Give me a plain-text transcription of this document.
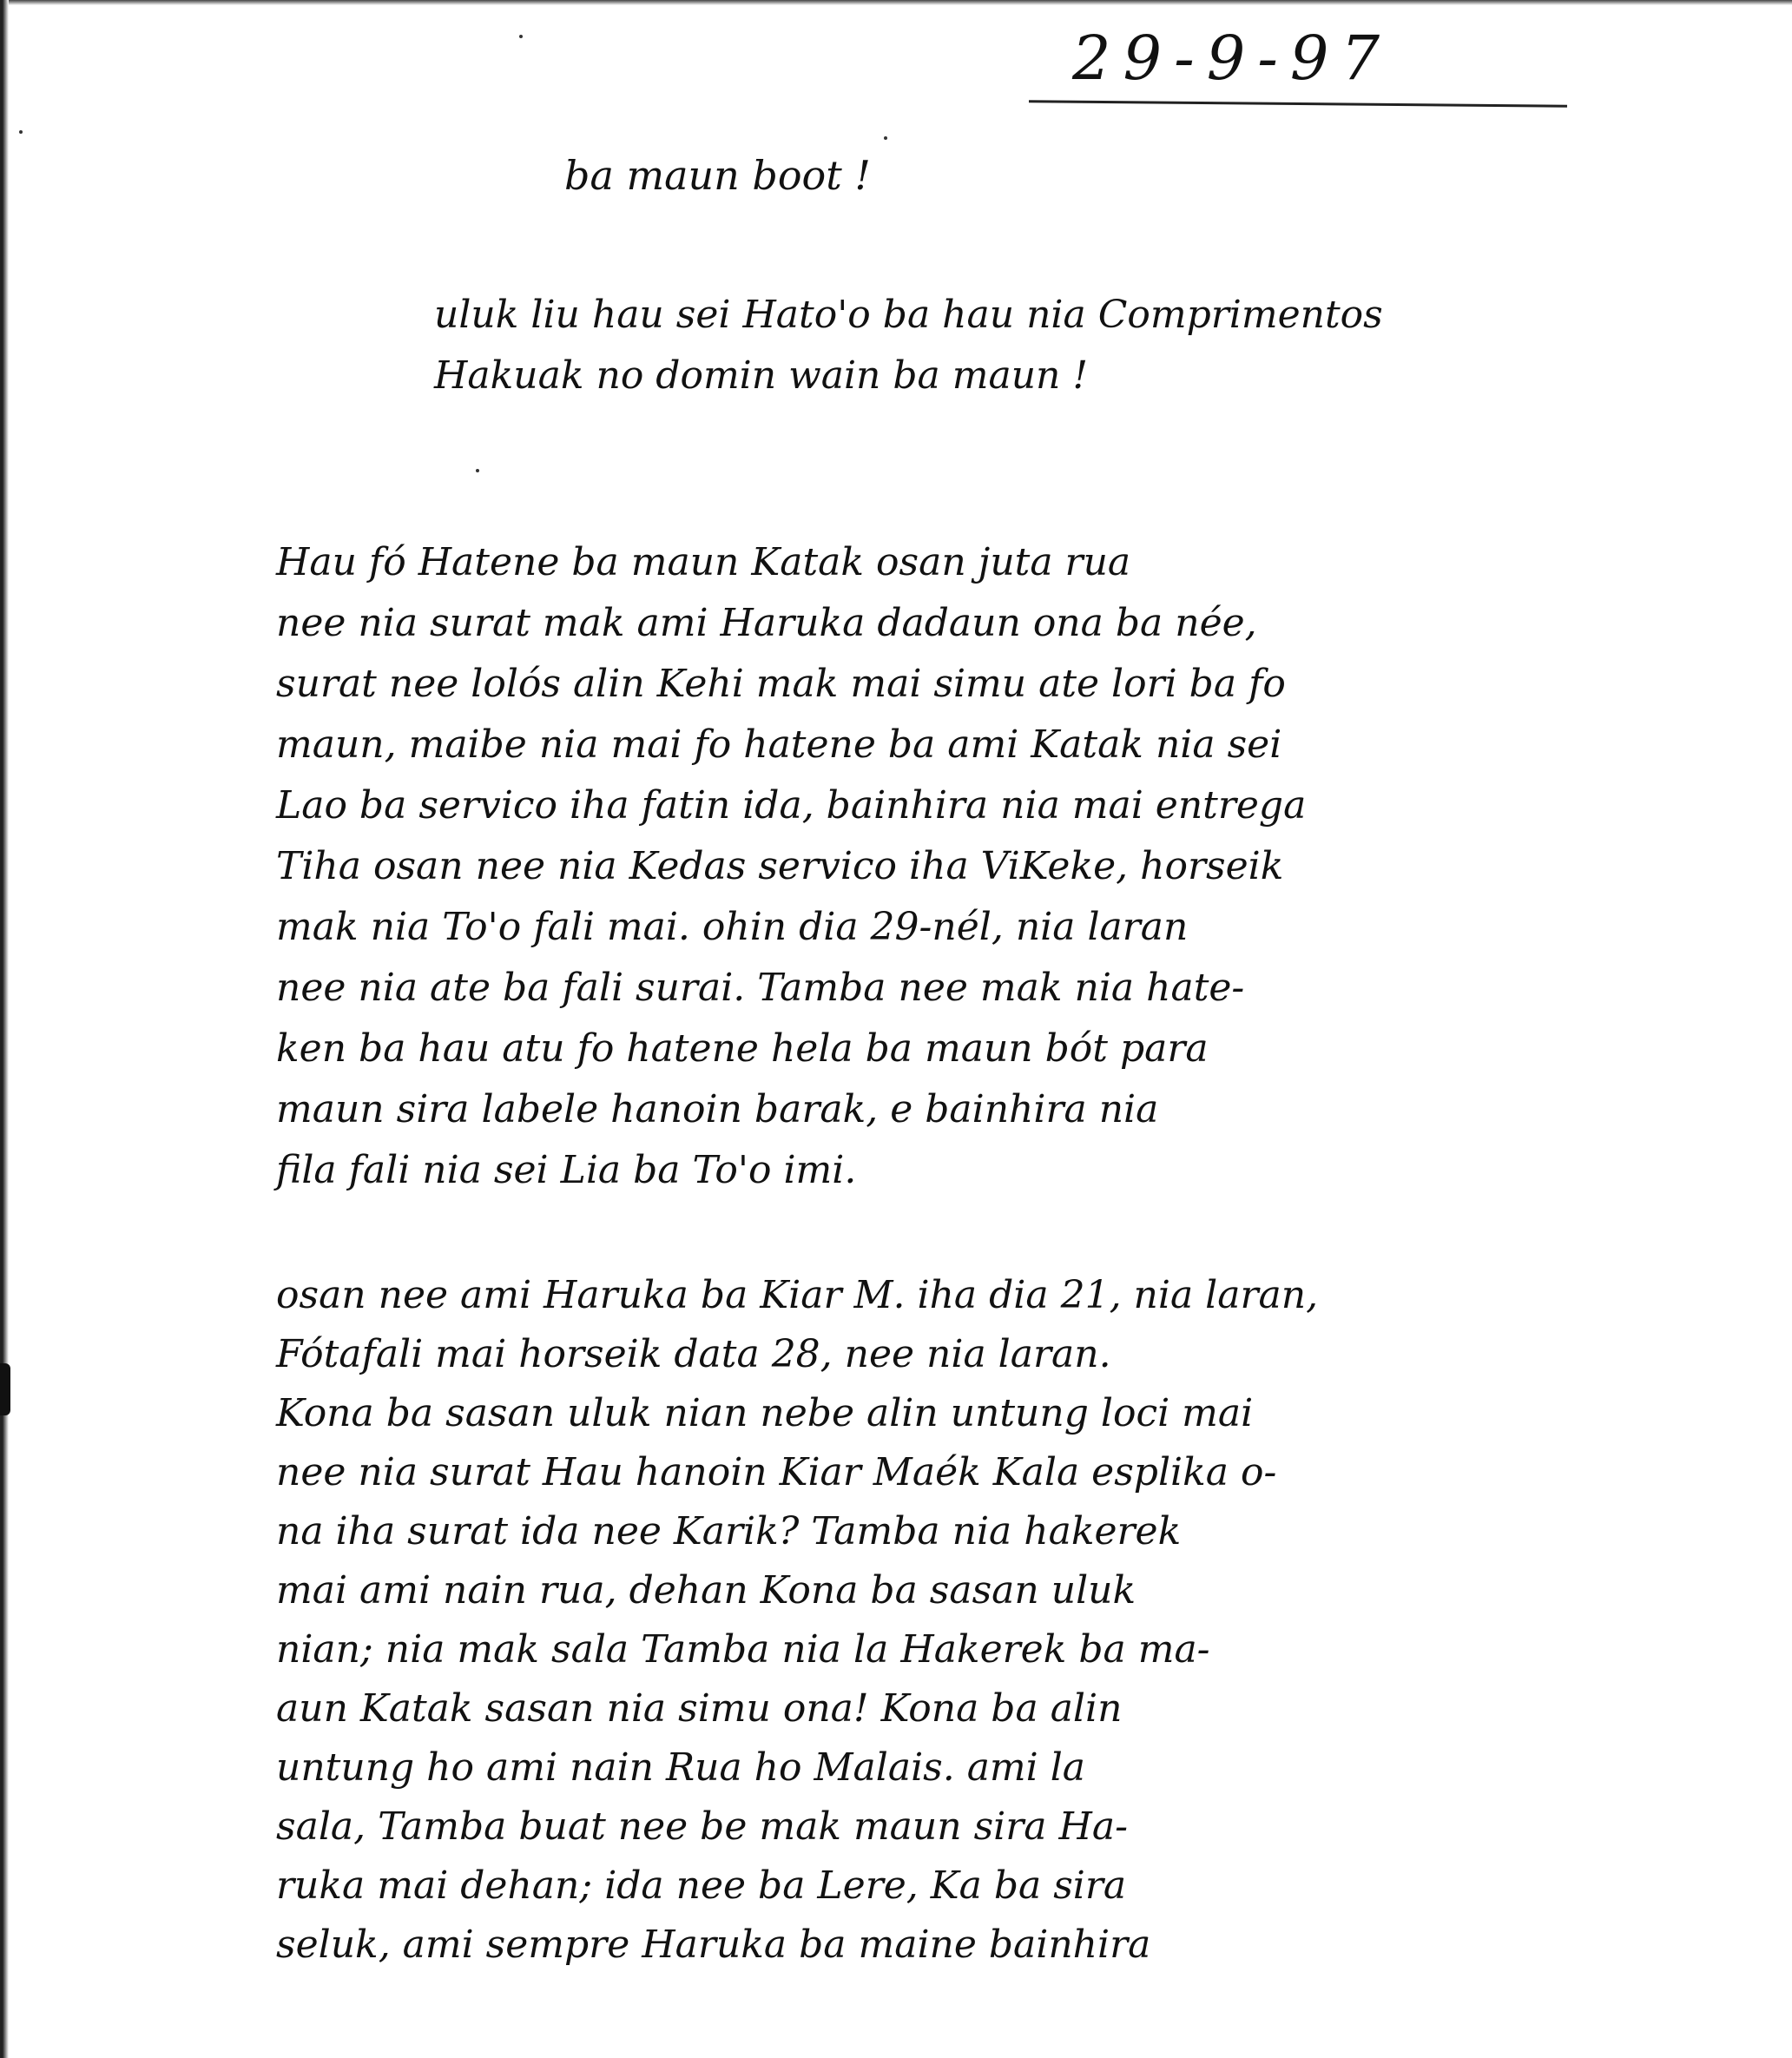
29-9-97
ba maun boot !
uluk liu hau sei Hato'o ba hau nia Comprimentos
Hakuak no domin wain ba maun !
Hau fó Hatene ba maun Katak osan juta rua
nee nia surat mak ami Haruka dadaun ona ba née,
surat nee lolós alin Kehi mak mai simu ate lori ba fo
maun, maibe nia mai fo hatene ba ami Katak nia sei
Lao ba servico iha fatin ida, bainhira nia mai entrega
Tiha osan nee nia Kedas servico iha ViKeke, horseik
mak nia To'o fali mai. ohin dia 29-nél, nia laran
nee nia ate ba fali surai. Tamba nee mak nia hate-
ken ba hau atu fo hatene hela ba maun bót para
maun sira labele hanoin barak, e bainhira nia
fila fali nia sei Lia ba To'o imi.
osan nee ami Haruka ba Kiar M. iha dia 21, nia laran,
Fótafali mai horseik data 28, nee nia laran.
Kona ba sasan uluk nian nebe alin untung loci mai
nee nia surat Hau hanoin Kiar Maék Kala esplika o-
na iha surat ida nee Karik? Tamba nia hakerek
mai ami nain rua, dehan Kona ba sasan uluk
nian; nia mak sala Tamba nia la Hakerek ba ma-
aun Katak sasan nia simu ona! Kona ba alin
untung ho ami nain Rua ho Malais. ami la
sala, Tamba buat nee be mak maun sira Ha-
ruka mai dehan; ida nee ba Lere, Ka ba sira
seluk, ami sempre Haruka ba maine bainhira
